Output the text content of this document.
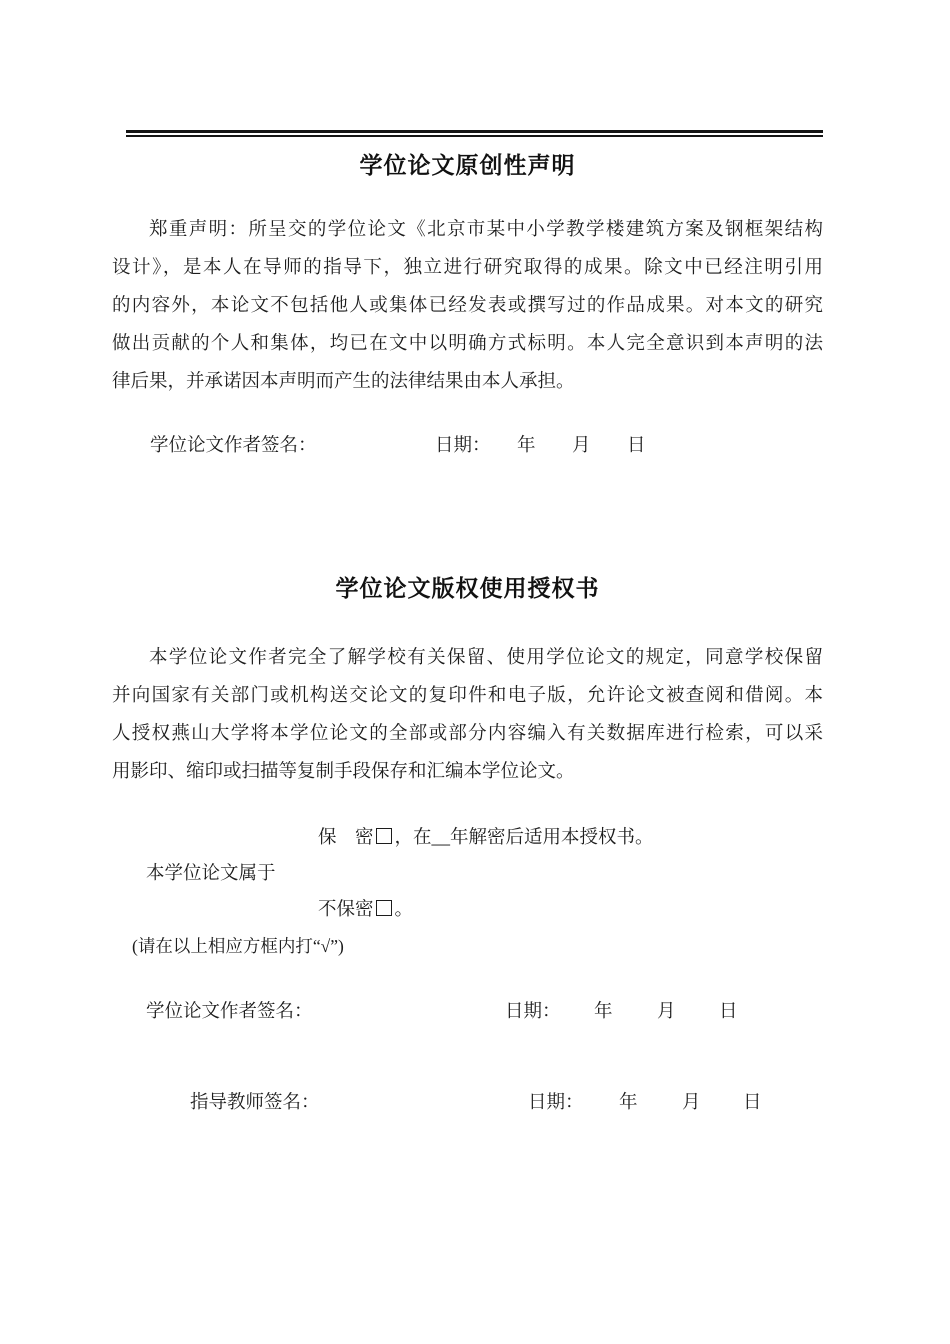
学位论文原创性声明
郑重声明：所呈交的学位论文《北京市某中小学教学楼建筑方案及钢框架结构
设计》，是本人在导师的指导下，独立进行研究取得的成果。除文中已经注明引用
的内容外，本论文不包括他人或集体已经发表或撰写过的作品成果。对本文的研究
做出贡献的个人和集体，均已在文中以明确方式标明。本人完全意识到本声明的法
律后果，并承诺因本声明而产生的法律结果由本人承担。
学位论文作者签名：	日期： 年 月 日
学位论文版权使用授权书
本学位论文作者完全了解学校有关保留、使用学位论文的规定，同意学校保留
并向国家有关部门或机构送交论文的复印件和电子版，允许论文被查阅和借阅。本
人授权燕山大学将本学位论文的全部或部分内容编入有关数据库进行检索，可以采
用影印、缩印或扫描等复制手段保存和汇编本学位论文。
保　密 ，在__年解密后适用本授权书。
本学位论文属于
不保密 。
(请在以上相应方框内打“√”)
学位论文作者签名：	日期： 年 月 日
指导教师签名：	日期： 年 月 日
